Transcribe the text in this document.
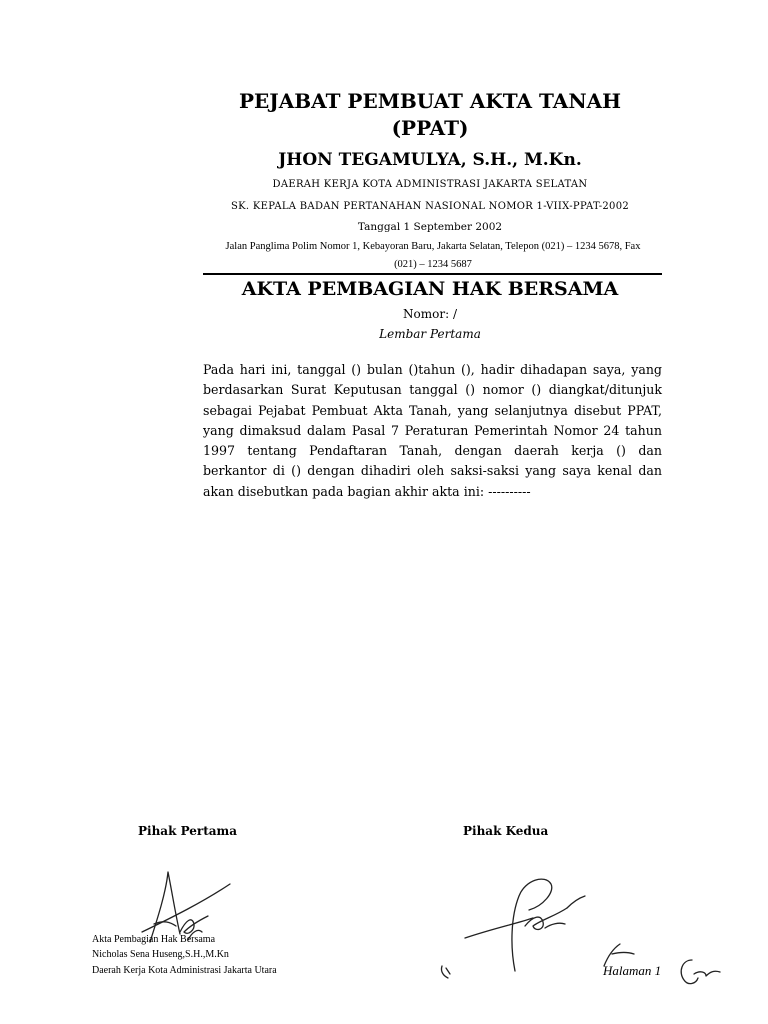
PEJABAT PEMBUAT AKTA TANAH
(PPAT)
JHON TEGAMULYA, S.H., M.Kn.
DAERAH KERJA KOTA ADMINISTRASI JAKARTA SELATAN
SK. KEPALA BADAN PERTANAHAN NASIONAL NOMOR 1-VIIX-PPAT-2002
Tanggal 1 September 2002
Jalan Panglima Polim Nomor 1, Kebayoran Baru, Jakarta Selatan, Telepon (021) – 1234 5678, Fax
(021) – 1234 5687
AKTA PEMBAGIAN HAK BERSAMA
Nomor: /
Lembar Pertama
Pada hari ini, tanggal () bulan ()tahun (), hadir dihadapan saya, yang berdasarkan Surat Keputusan tanggal () nomor () diangkat/ditunjuk sebagai Pejabat Pembuat Akta Tanah, yang selanjutnya disebut PPAT, yang dimaksud dalam Pasal 7 Peraturan Pemerintah Nomor 24 tahun 1997 tentang Pendaftaran Tanah, dengan daerah kerja () dan berkantor di () dengan dihadiri oleh saksi-saksi yang saya kenal dan akan disebutkan pada bagian akhir akta ini: ----------
Pihak Pertama	Pihak Kedua
Akta Pembagian Hak Bersama
Nicholas Sena Huseng,S.H.,M.Kn
Daerah Kerja Kota Administrasi Jakarta Utara	Halaman 1
